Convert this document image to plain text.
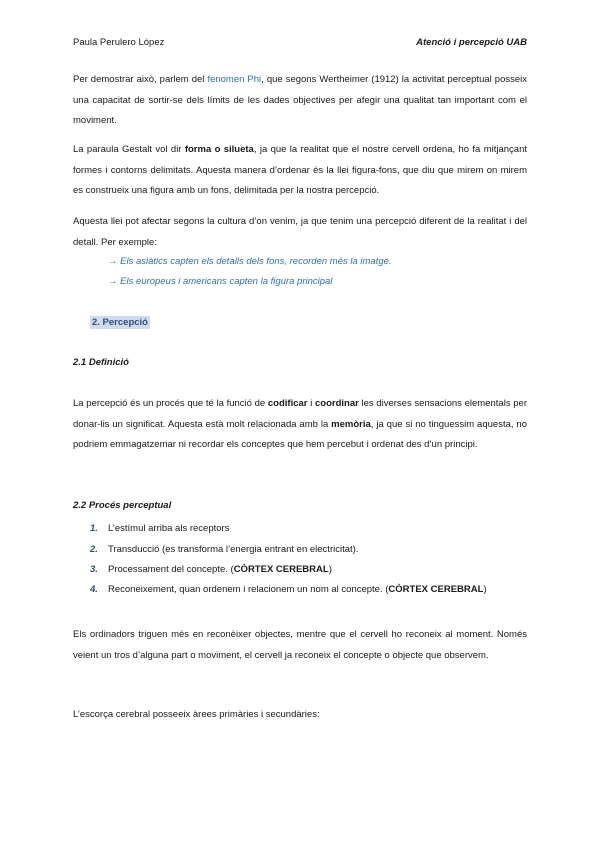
Paula Perulero López	Atenció i percepció UAB
Per demostrar això, parlem del fenomen Phi, que segons Wertheimer (1912) la activitat perceptual posseix una capacitat de sortir-se dels límits de les dades objectives per afegir una qualitat tan important com el moviment.
La paraula Gestalt vol dir forma o silueta, ja que la realitat que el nostre cervell ordena, ho fa mitjançant formes i contorns delimitats. Aquesta manera d’ordenar és la llei figura-fons, que diu que mirem on mirem es construeix una figura amb un fons, delimitada per la nostra percepció.
Aquesta llei pot afectar segons la cultura d’on venim, ja que tenim una percepció diferent de la realitat i del detall. Per exemple:
→ Els asiàtics capten els detalls dels fons, recorden més la imatge.
→ Els europeus i americans capten la figura principal
2. Percepció
2.1 Definició
La percepció és un procés que té la funció de codificar i coordinar les diverses sensacions elementals per donar-lis un significat. Aquesta està molt relacionada amb la memòria, ja que si no tinguessim aquesta, no podriem emmagatzemar ni recordar els conceptes que hem percebut i ordenat des d’un principi.
2.2 Procés perceptual
1. L’estímul arriba als receptors
2. Transducció (es transforma l’energia entrant en electricitat).
3. Processament del concepte. (CÒRTEX CEREBRAL)
4. Reconeixement, quan ordenem i relacionem un nom al concepte. (CÒRTEX CEREBRAL)
Els ordinadors triguen més en reconèixer objectes, mentre que el cervell ho reconeix al moment. Només veient un tros d’alguna part o moviment, el cervell ja reconeix el concepte o objecte que observem.
L’escorça cerebral posseeix àrees primàries i secundàries:
